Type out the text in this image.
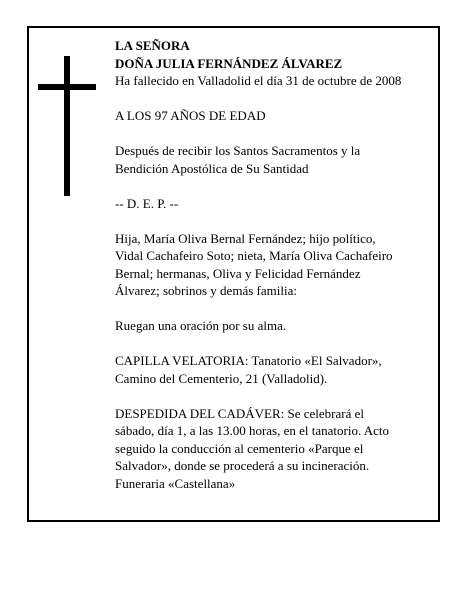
LA SEÑORA
DOÑA JULIA FERNÁNDEZ ÁLVAREZ
Ha fallecido en Valladolid el día 31 de octubre de 2008
A LOS 97 AÑOS DE EDAD
Después de recibir los Santos Sacramentos y la
Bendición Apostólica de Su Santidad
-- D. E. P. --
Hija, María Oliva Bernal Fernández; hijo político,
Vidal Cachafeiro Soto; nieta, María Oliva Cachafeiro
Bernal; hermanas, Oliva y Felicidad Fernández
Álvarez; sobrinos y demás familia:
Ruegan una oración por su alma.
CAPILLA VELATORIA: Tanatorio «El Salvador»,
Camino del Cementerio, 21 (Valladolid).
DESPEDIDA DEL CADÁVER: Se celebrará el
sábado, día 1, a las 13.00 horas, en el tanatorio. Acto
seguido la conducción al cementerio «Parque el
Salvador», donde se procederá a su incineración.
Funeraria «Castellana»
